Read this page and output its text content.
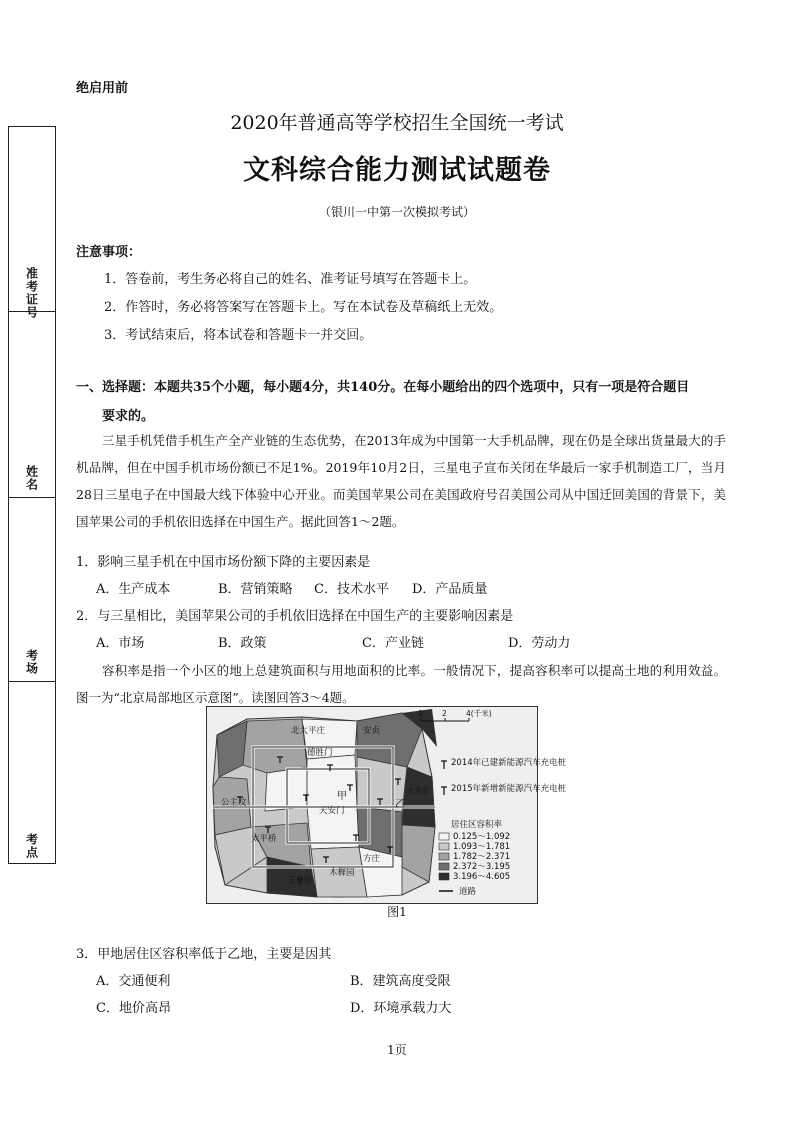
准考证号
姓名
考场
考点
绝启用前
2020年普通高等学校招生全国统一考试
文科综合能力测试试题卷
（银川一中第一次模拟考试）
注意事项：
1．答卷前，考生务必将自己的姓名、准考证号填写在答题卡上。
2．作答时，务必将答案写在答题卡上。写在本试卷及草稿纸上无效。
3．考试结束后，将本试卷和答题卡一并交回。
一、选择题：本题共35个小题，每小题4分，共140分。在每小题给出的四个选项中，只有一项是符合题目
要求的。
三星手机凭借手机生产全产业链的生态优势，在2013年成为中国第一大手机品牌，现在仍是全球出货量最大的手机品牌，但在中国手机市场份额已不足1%。2019年10月2日，三星电子宣布关闭在华最后一家手机制造工厂，当月28日三星电子在中国最大线下体验中心开业。而美国苹果公司在美国政府号召美国公司从中国迁回美国的背景下，美国苹果公司的手机依旧选择在中国生产。据此回答1～2题。
1．影响三星手机在中国市场份额下降的主要因素是
A．生产成本	B．营销策略 C．技术水平 D．产品质量
2．与三星相比，美国苹果公司的手机依旧选择在中国生产的主要影响因素是
A．市场	B．政策	C．产业链	D．劳动力
容积率是指一个小区的地上总建筑面积与用地面积的比率。一般情况下，提高容积率可以提高土地的利用效益。图一为“北京局部地区示意图”。读图回答3～4题。
北太平庄	安贞
德胜门
甲
公主坟
天安门
乙
大北窑
太平桥
方庄
玉泉营
木樨园
0	2	4(千米)
2014年已建新能源汽车充电桩
2015年新增新能源汽车充电桩
居住区容积率
0.125～1.092
1.093～1.781
1.782～2.371
2.372～3.195
3.196～4.605
道路
图1
3．甲地居住区容积率低于乙地，主要是因其
A．交通便利	B．建筑高度受限
C．地价高昂	D．环境承载力大
1页
